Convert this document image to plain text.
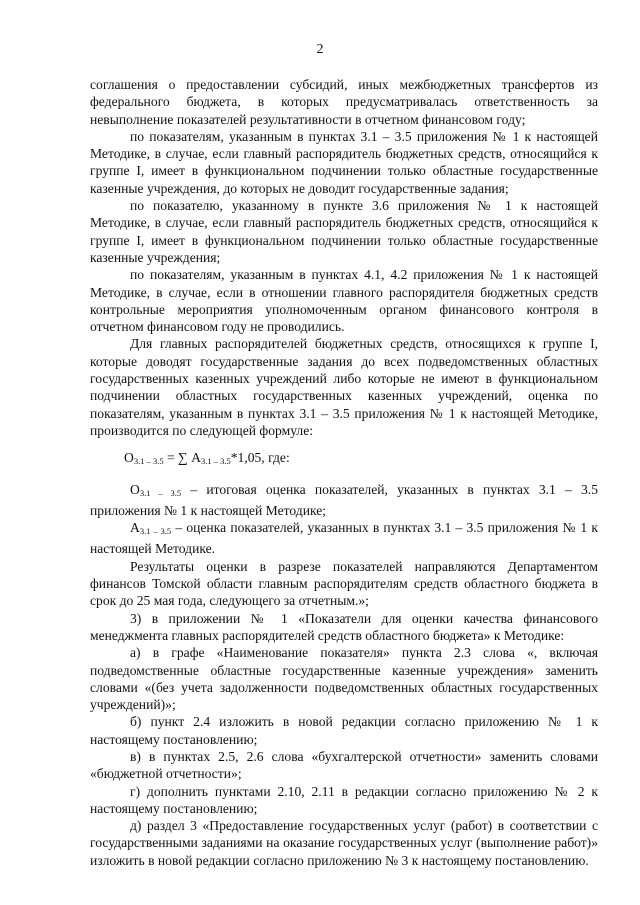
2

соглашения о предоставлении субсидий, иных межбюджетных трансфертов из федерального бюджета, в которых предусматривалась ответственность за невыполнение показателей результативности в отчетном финансовом году;

по показателям, указанным в пунктах 3.1 – 3.5 приложения № 1 к настоящей Методике, в случае, если главный распорядитель бюджетных средств, относящийся к группе I, имеет в функциональном подчинении только областные государственные казенные учреждения, до которых не доводит государственные задания;

по показателю, указанному в пункте 3.6 приложения № 1 к настоящей Методике, в случае, если главный распорядитель бюджетных средств, относящийся к группе I, имеет в функциональном подчинении только областные государственные казенные учреждения;

по показателям, указанным в пунктах 4.1, 4.2 приложения № 1 к настоящей Методике, в случае, если в отношении главного распорядителя бюджетных средств контрольные мероприятия уполномоченным органом финансового контроля в отчетном финансовом году не проводились.

Для главных распорядителей бюджетных средств, относящихся к группе I, которые доводят государственные задания до всех подведомственных областных государственных казенных учреждений либо которые не имеют в функциональном подчинении областных государственных казенных учреждений, оценка по показателям, указанным в пунктах 3.1 – 3.5 приложения № 1 к настоящей Методике, производится по следующей формуле:

$О_{3.1 - 3.5}$ = ∑ $А_{3.1 - 3.5}*1,05$, где:

$О_{3.1 - 3.5}$ – итоговая оценка показателей, указанных в пунктах 3.1 – 3.5 приложения № 1 к настоящей Методике;

$А_{3.1 - 3.5}$ – оценка показателей, указанных в пунктах 3.1 – 3.5 приложения № 1 к настоящей Методике.

Результаты оценки в разрезе показателей направляются Департаментом финансов Томской области главным распорядителям средств областного бюджета в срок до 25 мая года, следующего за отчетным.»;

3) в приложении № 1 «Показатели для оценки качества финансового менеджмента главных распорядителей средств областного бюджета» к Методике:

а) в графе «Наименование показателя» пункта 2.3 слова «, включая подведомственные областные государственные казенные учреждения» заменить словами «(без учета задолженности подведомственных областных государственных учреждений)»;

б) пункт 2.4 изложить в новой редакции согласно приложению № 1 к настоящему постановлению;

в) в пунктах 2.5, 2.6 слова «бухгалтерской отчетности» заменить словами «бюджетной отчетности»;

г) дополнить пунктами 2.10, 2.11 в редакции согласно приложению № 2 к настоящему постановлению;

д) раздел 3 «Предоставление государственных услуг (работ) в соответствии с государственными заданиями на оказание государственных услуг (выполнение работ)» изложить в новой редакции согласно приложению № 3 к настоящему постановлению.
